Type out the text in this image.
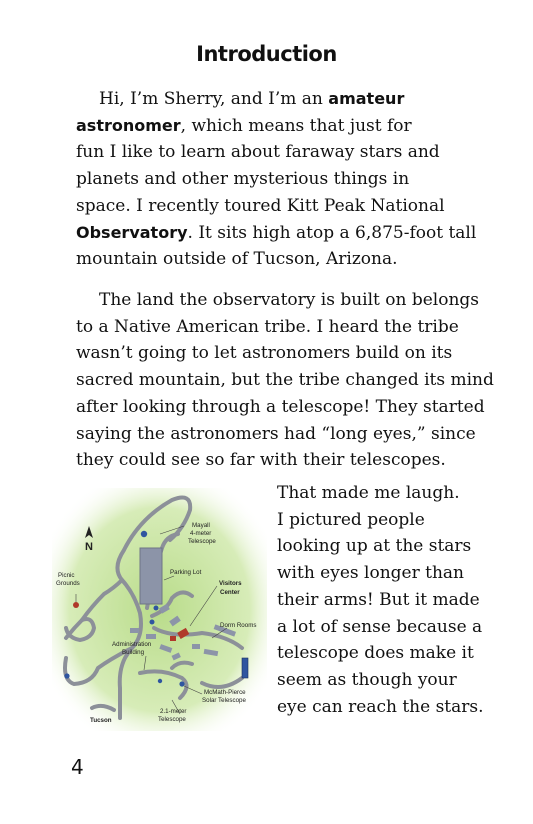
Introduction

Hi, I’m Sherry, and I’m an amateur
astronomer, which means that just for
fun I like to learn about faraway stars and
planets and other mysterious things in
space. I recently toured Kitt Peak National
Observatory. It sits high atop a 6,875-foot tall
mountain outside of Tucson, Arizona.

The land the observatory is built on belongs
to a Native American tribe. I heard the tribe
wasn’t going to let astronomers build on its
sacred mountain, but the tribe changed its mind
after looking through a telescope! They started
saying the astronomers had “long eyes,” since
they could see so far with their telescopes.

That made me laugh.
I pictured people
looking up at the stars
with eyes longer than
their arms! But it made
a lot of sense because a
telescope does make it
seem as though your
eye can reach the stars.

N
Mayall
4-meter
Telescope
Picnic
Grounds
Parking Lot
Visitors
Center
Dorm Rooms
Administration
Building
McMath-Pierce
Solar Telescope
2.1-meter
Telescope
Tucson
4
